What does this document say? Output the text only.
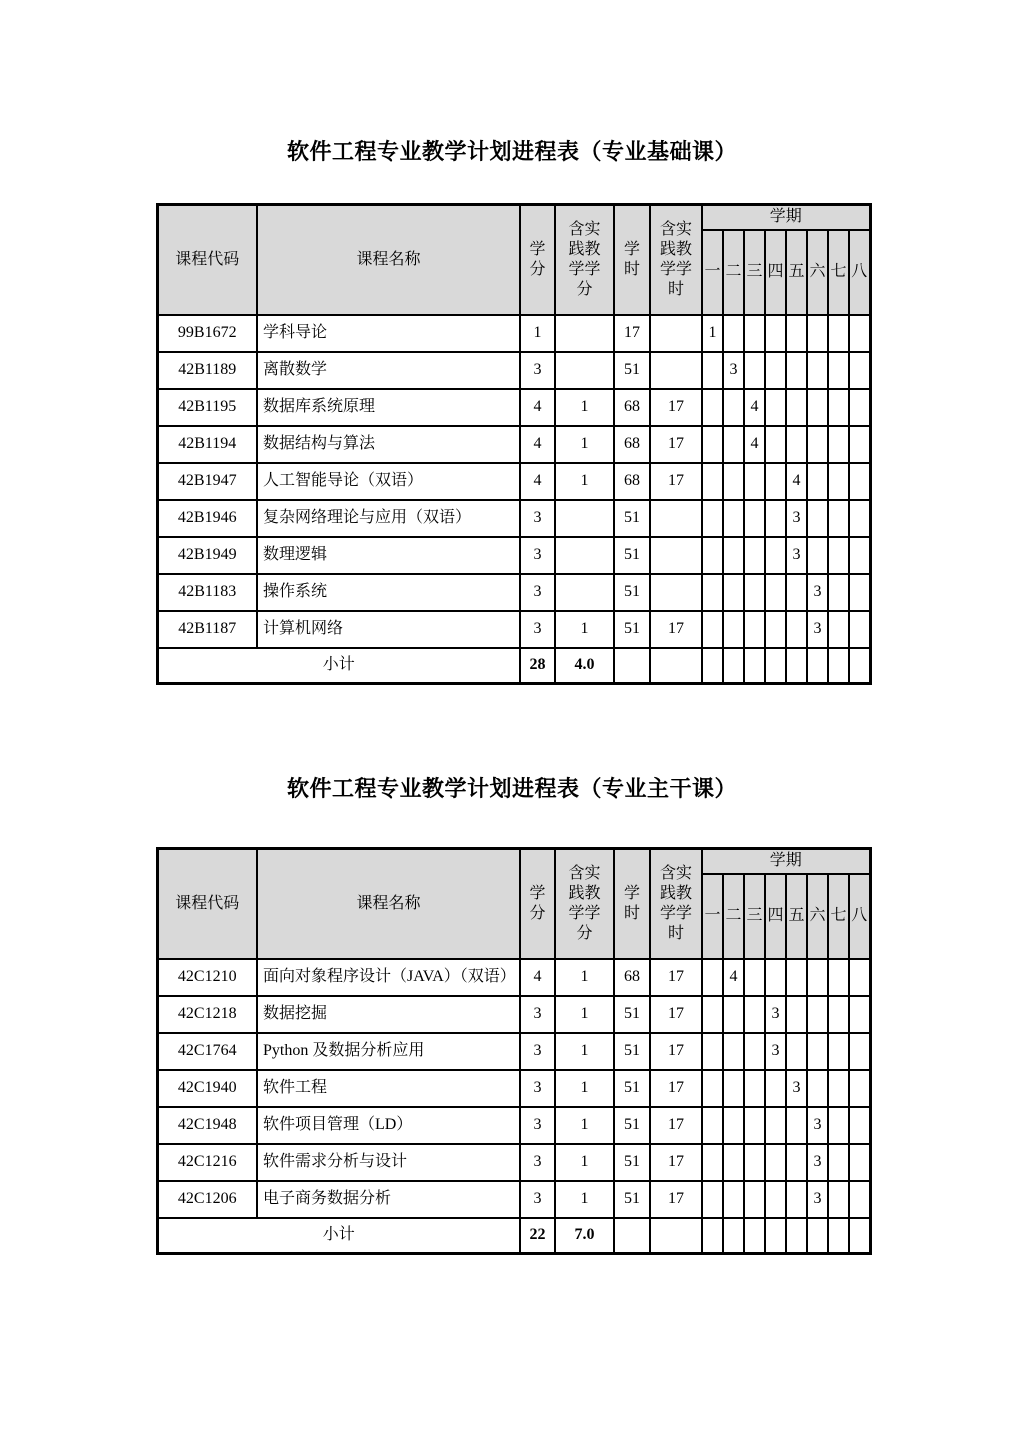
软件工程专业教学计划进程表（专业基础课）
课程代码	课程名称	学分	含实践教学学分	学时	含实践教学学时	学期							
						一	二	三	四	五	六	七	八
99B1672	学科导论	1		17		1							
42B1189	离散数学	3		51			3						
42B1195	数据库系统原理	4	1	68	17			4					
42B1194	数据结构与算法	4	1	68	17			4					
42B1947	人工智能导论（双语）	4	1	68	17					4			
42B1946	复杂网络理论与应用（双语）	3		51						3			
42B1949	数理逻辑	3		51						3			
42B1183	操作系统	3		51							3		
42B1187	计算机网络	3	1	51	17						3		
小计		28	4.0										
软件工程专业教学计划进程表（专业主干课）
课程代码	课程名称	学分	含实践教学学分	学时	含实践教学学时	学期							
						一	二	三	四	五	六	七	八
42C1210	面向对象程序设计（JAVA）（双语）	4	1	68	17		4						
42C1218	数据挖掘	3	1	51	17				3				
42C1764	Python 及数据分析应用	3	1	51	17				3				
42C1940	软件工程	3	1	51	17					3			
42C1948	软件项目管理（LD）	3	1	51	17						3		
42C1216	软件需求分析与设计	3	1	51	17						3		
42C1206	电子商务数据分析	3	1	51	17						3		
小计		22	7.0										
